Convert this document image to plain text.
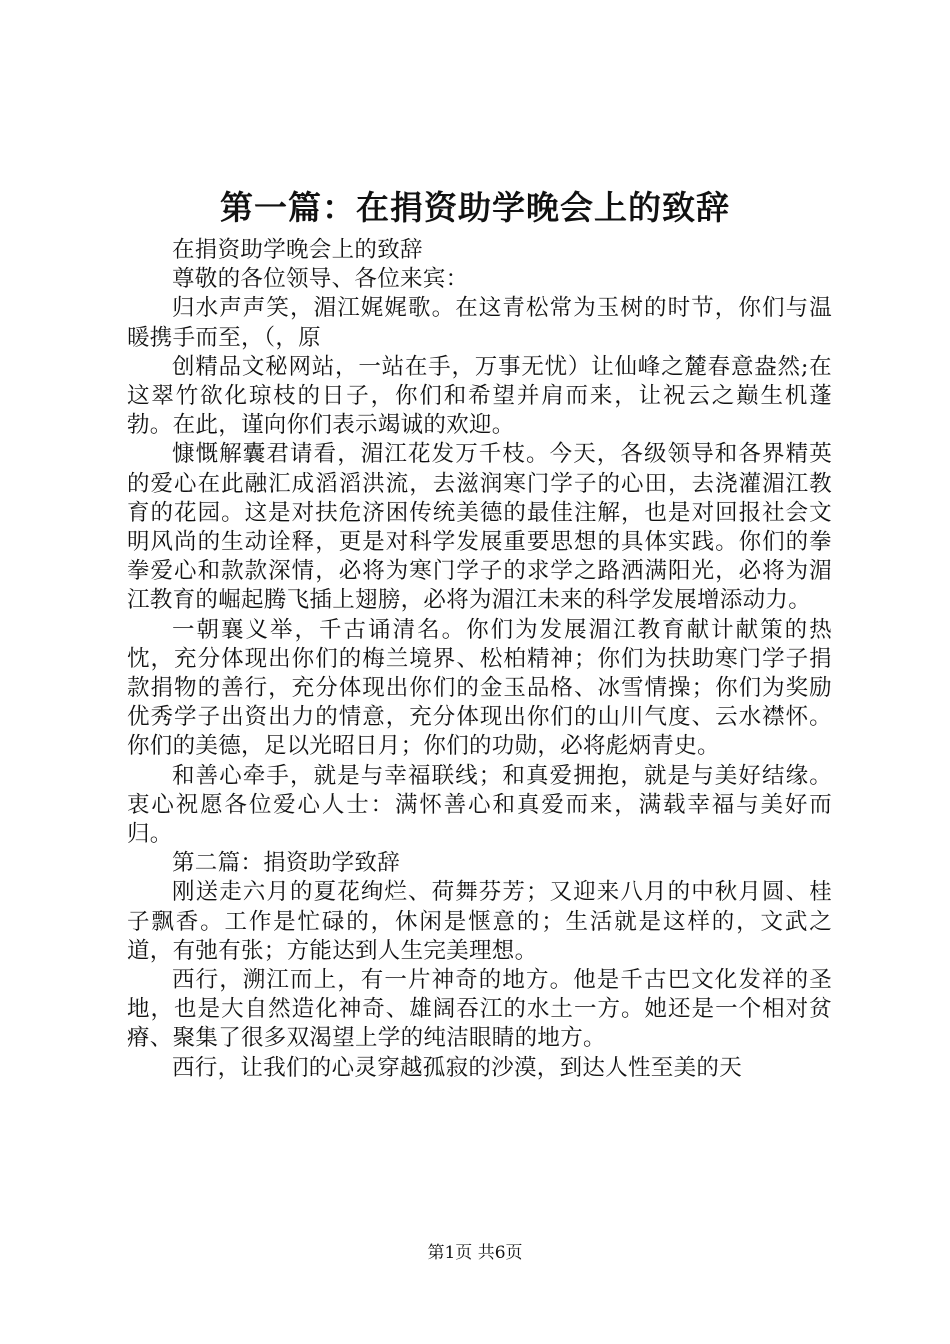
第一篇：在捐资助学晚会上的致辞

在捐资助学晚会上的致辞

尊敬的各位领导、各位来宾：

归水声声笑，湄江娓娓歌。在这青松常为玉树的时节，你们与温暖携手而至，（，原

创精品文秘网站，一站在手，万事无忧）让仙峰之麓春意盎然;在这翠竹欲化琼枝的日子，你们和希望并肩而来，让祝云之巅生机蓬勃。在此，谨向你们表示竭诚的欢迎。

慷慨解囊君请看，湄江花发万千枝。今天，各级领导和各界精英的爱心在此融汇成滔滔洪流，去滋润寒门学子的心田，去浇灌湄江教育的花园。这是对扶危济困传统美德的最佳注解，也是对回报社会文明风尚的生动诠释，更是对科学发展重要思想的具体实践。你们的拳拳爱心和款款深情，必将为寒门学子的求学之路洒满阳光，必将为湄江教育的崛起腾飞插上翅膀，必将为湄江未来的科学发展增添动力。

一朝襄义举，千古诵清名。你们为发展湄江教育献计献策的热忱，充分体现出你们的梅兰境界、松柏精神；你们为扶助寒门学子捐款捐物的善行，充分体现出你们的金玉品格、冰雪情操；你们为奖励优秀学子出资出力的情意，充分体现出你们的山川气度、云水襟怀。你们的美德，足以光昭日月；你们的功勋，必将彪炳青史。

和善心牵手，就是与幸福联线；和真爱拥抱，就是与美好结缘。衷心祝愿各位爱心人士：满怀善心和真爱而来，满载幸福与美好而归。

第二篇：捐资助学致辞

刚送走六月的夏花绚烂、荷舞芬芳；又迎来八月的中秋月圆、桂子飘香。工作是忙碌的，休闲是惬意的；生活就是这样的，文武之道，有弛有张；方能达到人生完美理想。

西行，溯江而上，有一片神奇的地方。他是千古巴文化发祥的圣地，也是大自然造化神奇、雄阔吞江的水土一方。她还是一个相对贫瘠、聚集了很多双渴望上学的纯洁眼睛的地方。

西行，让我们的心灵穿越孤寂的沙漠，到达人性至美的天

第1页 共6页
